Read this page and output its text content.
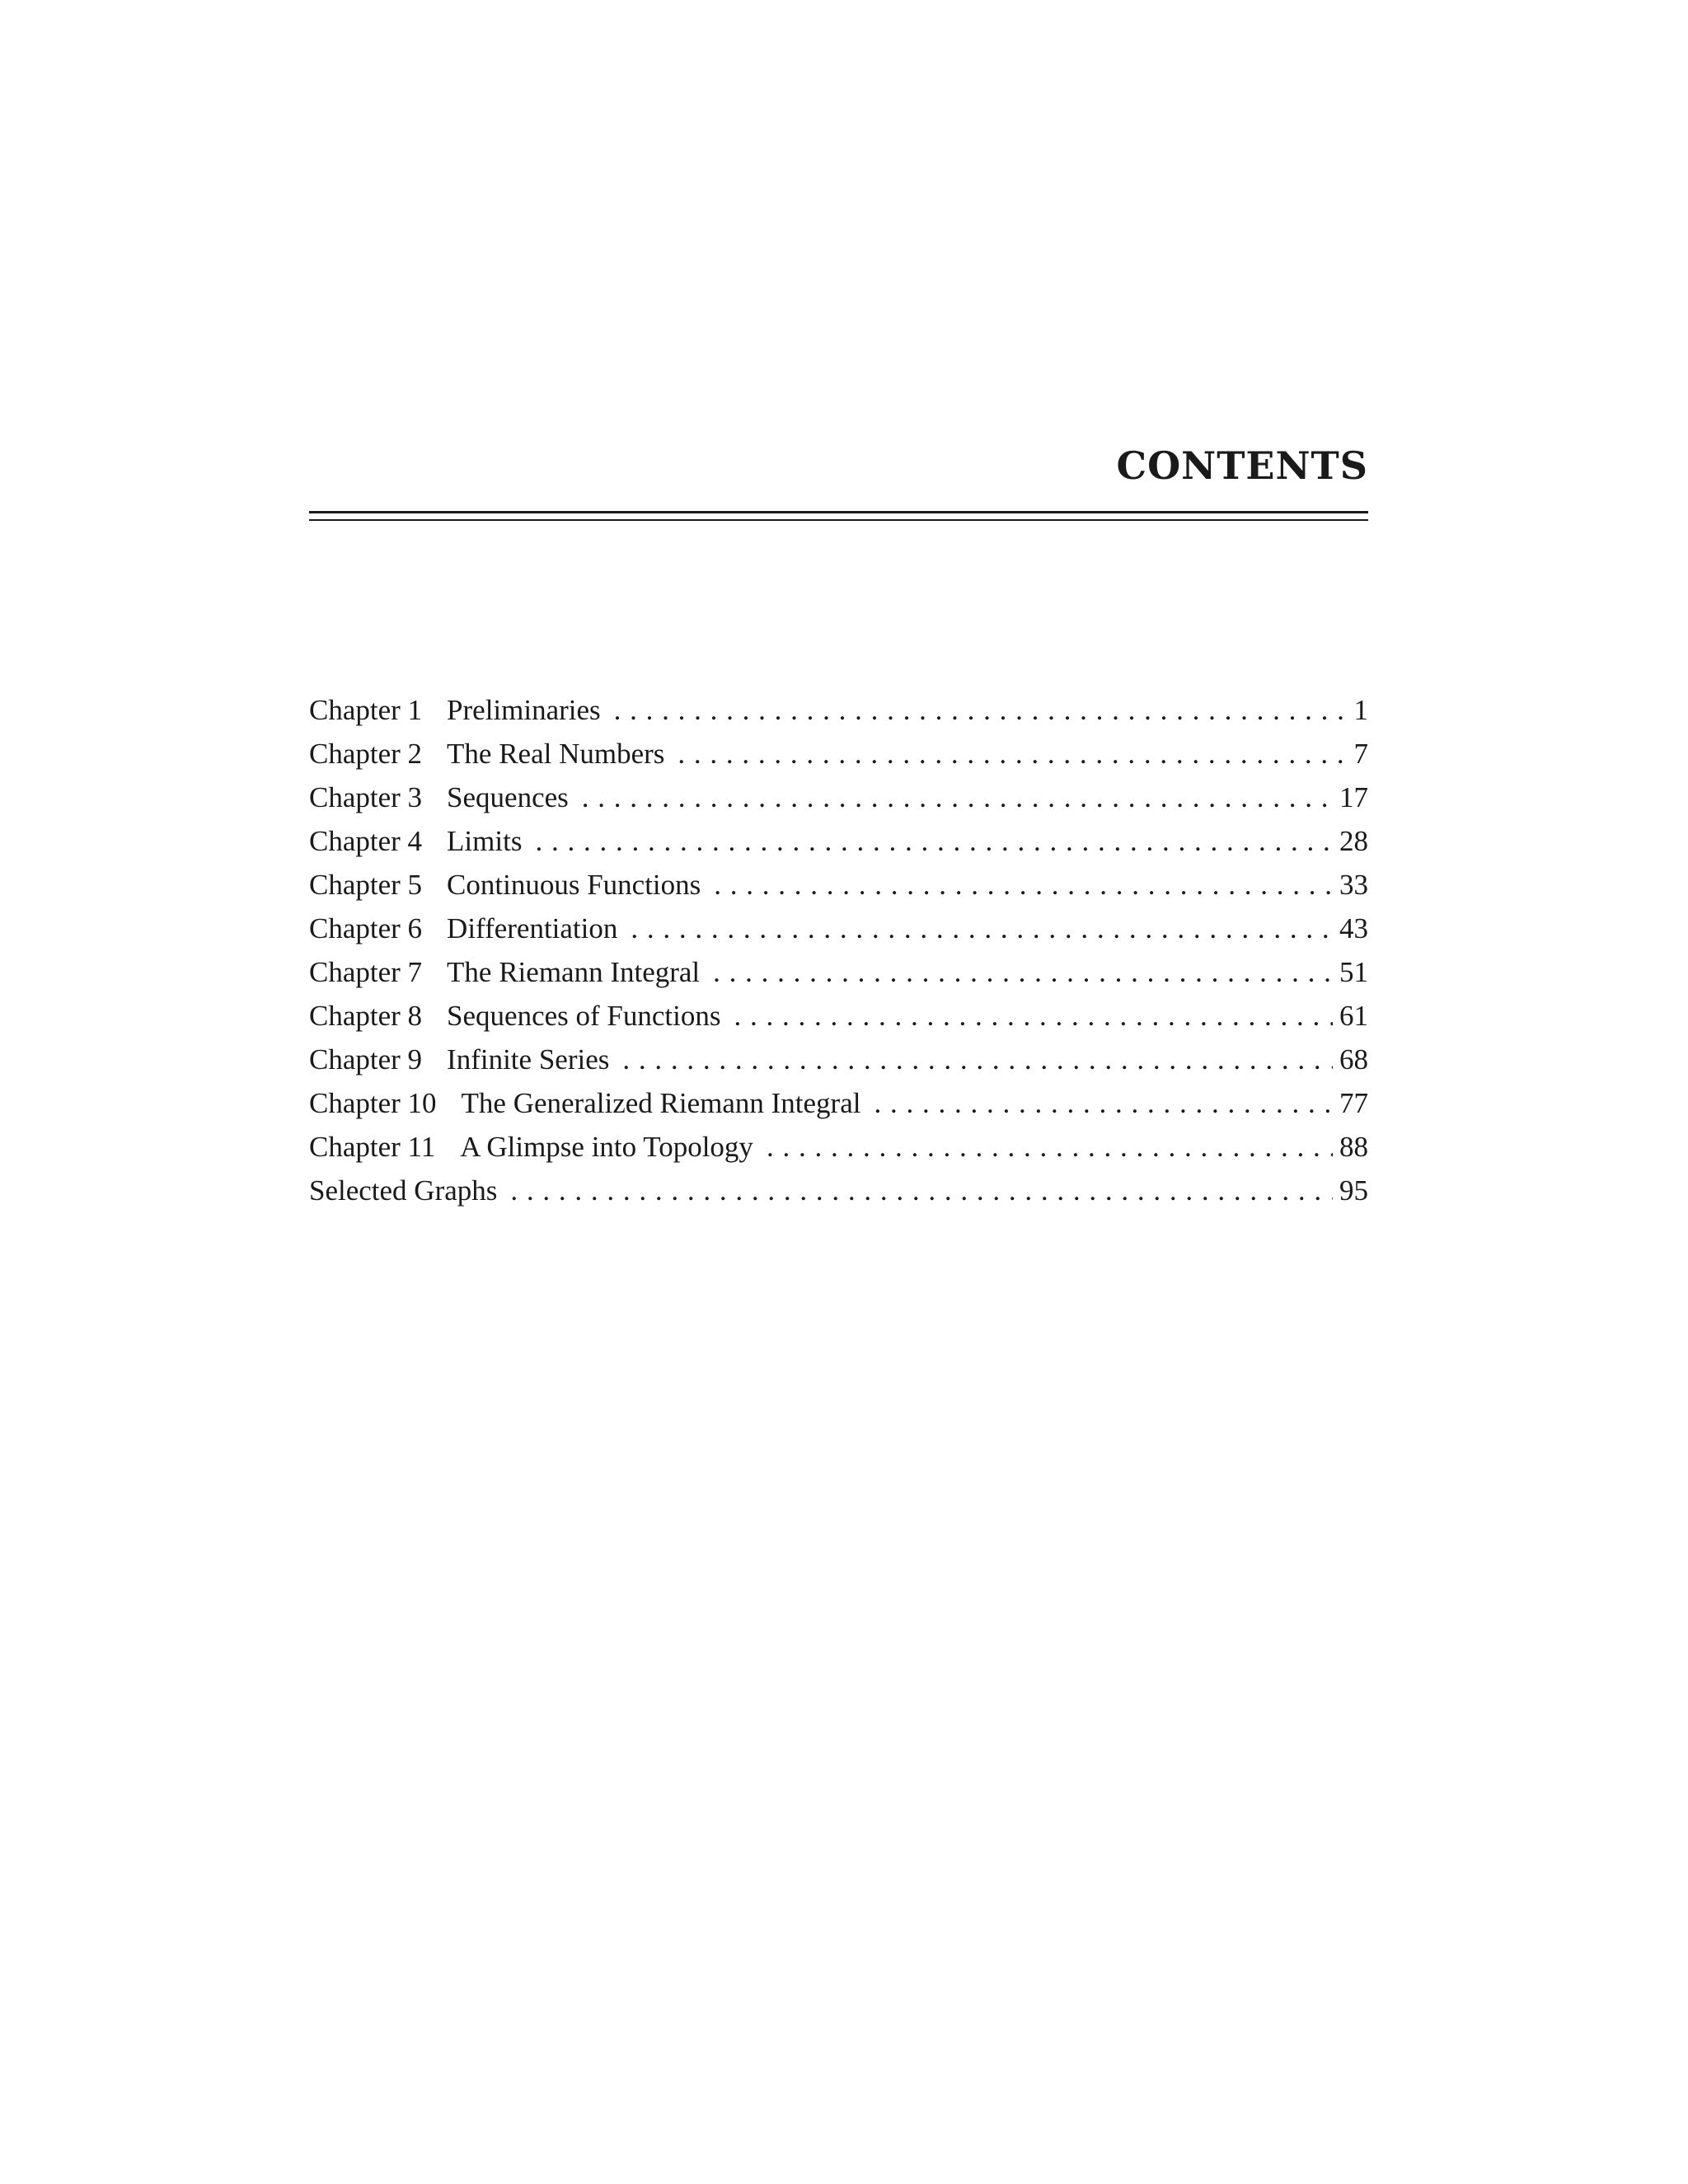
CONTENTS
Chapter 1 Preliminaries . . .	1
Chapter 2 The Real Numbers . . .	7
Chapter 3 Sequences . . .	17
Chapter 4 Limits . . .	28
Chapter 5 Continuous Functions . . .	33
Chapter 6 Differentiation . . .	43
Chapter 7 The Riemann Integral . . .	51
Chapter 8 Sequences of Functions . . .	61
Chapter 9 Infinite Series . . .	68
Chapter 10 The Generalized Riemann Integral . . .	77
Chapter 11 A Glimpse into Topology . . .	88
Selected Graphs . . .	95
